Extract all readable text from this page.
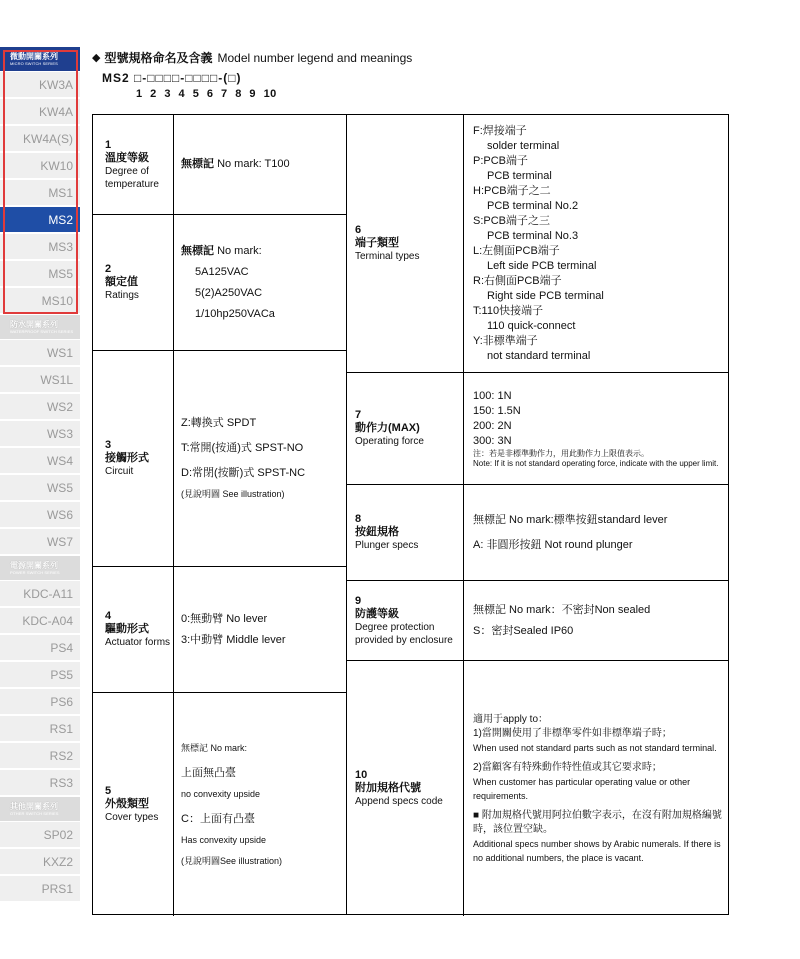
微動開關系列
MICRO SWITCH SERIES
KW3A
KW4A
KW4A(S)
KW10
MS1
MS2
MS3
MS5
MS10
防水開關系列
WATERPROOF SWITCH SERIES
WS1
WS1L
WS2
WS3
WS4
WS5
WS6
WS7
電源開關系列
POWER SWITCH SERIES
KDC-A11
KDC-A04
PS4
PS5
PS6
RS1
RS2
RS3
其他開關系列
OTHER SWITCH SERIES
SP02
KXZ2
PRS1
◆ 型號規格命名及含義 Model number legend and meanings
MS2 □-□□□□-□□□□-(□)
1 2 3 4 5 6 7 8 9 10
1
溫度等級
Degree of temperature
無標記 No mark: T100
2
額定值
Ratings
無標記 No mark:
5A125VAC
5(2)A250VAC
1/10hp250VACa
3
接觸形式
Circuit
Z:轉換式 SPDT
T:常開(按通)式 SPST-NO
D:常閉(按斷)式 SPST-NC
(見說明圖 See illustration)
4
驅動形式
Actuator forms
0:無動臂 No lever
3:中動臂 Middle lever
5
外殼類型
Cover types
無標記 No mark:
上面無凸臺
no convexity upside
C：上面有凸臺
Has convexity upside
(見說明圖See illustration)
6
端子類型
Terminal types
F:焊接端子
solder terminal
P:PCB端子
PCB terminal
H:PCB端子之二
PCB terminal No.2
S:PCB端子之三
PCB terminal No.3
L:左側面PCB端子
Left side PCB terminal
R:右側面PCB端子
Right side PCB terminal
T:110快接端子
110 quick-connect
Y:非標準端子
not standard terminal
7
動作力(MAX)
Operating force
100: 1N
150: 1.5N
200: 2N
300: 3N
注：若是非標準動作力，用此動作力上限值表示。
Note: If it is not standard operating force, indicate with the upper limit.
8
按鈕規格
Plunger specs
無標記 No mark:標準按鈕standard lever
A: 非圓形按鈕 Not round plunger
9
防護等級
Degree protection provided by enclosure
無標記 No mark：不密封Non sealed
S：密封Sealed IP60
10
附加規格代號
Append specs code
適用于apply to：
1)當開關使用了非標準零件如非標準端子時；
When used not standard parts such as not standard terminal.
2)當顧客有特殊動作特性值或其它要求時；
When customer has particular operating value or other requirements.
■ 附加規格代號用阿拉伯數字表示，在沒有附加規格編號時，該位置空缺。
Additional specs number shows by Arabic numerals. If there is no additional numbers, the place is vacant.
